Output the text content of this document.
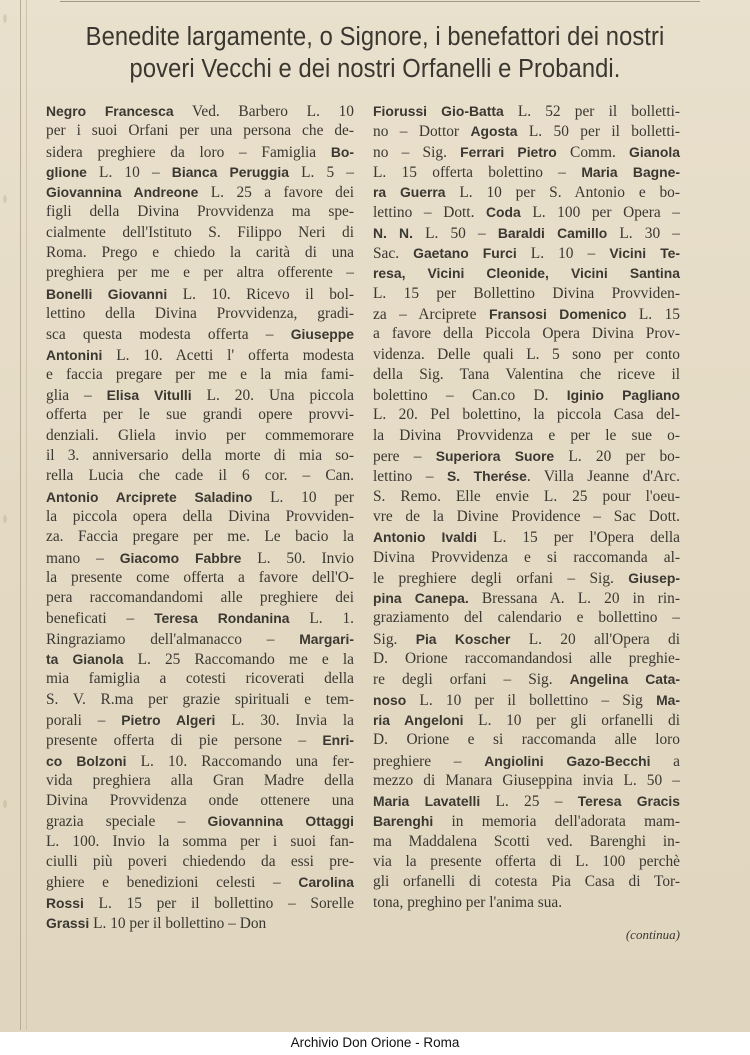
Benedite largamente, o Signore, i benefattori dei nostri
poveri Vecchi e dei nostri Orfanelli e Probandi.
Negro Francesca Ved. Barbero L. 10
per i suoi Orfani per una persona che de-
sidera preghiere da loro – Famiglia Bo-
glione L. 10 – Bianca Peruggia L. 5 –
Giovannina Andreone L. 25 a favore dei
figli della Divina Provvidenza ma spe-
cialmente dell'Istituto S. Filippo Neri di
Roma. Prego e chiedo la carità di una
preghiera per me e per altra offerente –
Bonelli Giovanni L. 10. Ricevo il bol-
lettino della Divina Provvidenza, gradi-
sca questa modesta offerta – Giuseppe
Antonini L. 10. Acetti l' offerta modesta
e faccia pregare per me e la mia fami-
glia – Elisa Vitulli L. 20. Una piccola
offerta per le sue grandi opere provvi-
denziali. Gliela invio per commemorare
il 3. anniversario della morte di mia so-
rella Lucia che cade il 6 cor. – Can.
Antonio Arciprete Saladino L. 10 per
la piccola opera della Divina Provviden-
za. Faccia pregare per me. Le bacio la
mano – Giacomo Fabbre L. 50. Invio
la presente come offerta a favore dell'O-
pera raccomandandomi alle preghiere dei
beneficati – Teresa Rondanina L. 1.
Ringraziamo dell'almanacco – Margari-
ta Gianola L. 25 Raccomando me e la
mia famiglia a cotesti ricoverati della
S. V. R.ma per grazie spirituali e tem-
porali – Pietro Algeri L. 30. Invia la
presente offerta di pie persone – Enri-
co Bolzoni L. 10. Raccomando una fer-
vida preghiera alla Gran Madre della
Divina Provvidenza onde ottenere una
grazia speciale – Giovannina Ottaggi
L. 100. Invio la somma per i suoi fan-
ciulli più poveri chiedendo da essi pre-
ghiere e benedizioni celesti – Carolina
Rossi L. 15 per il bollettino – Sorelle
Grassi L. 10 per il bollettino – Don
Fiorussi Gio-Batta L. 52 per il bolletti-
no – Dottor Agosta L. 50 per il bolletti-
no – Sig. Ferrari Pietro Comm. Gianola
L. 15 offerta bolettino – Maria Bagne-
ra Guerra L. 10 per S. Antonio e bo-
lettino – Dott. Coda L. 100 per Opera –
N. N. L. 50 – Baraldi Camillo L. 30 –
Sac. Gaetano Furci L. 10 – Vicini Te-
resa, Vicini Cleonide, Vicini Santina
L. 15 per Bollettino Divina Provviden-
za – Arciprete Fransosi Domenico L. 15
a favore della Piccola Opera Divina Prov-
videnza. Delle quali L. 5 sono per conto
della Sig. Tana Valentina che riceve il
bolettino – Can.co D. Iginio Pagliano
L. 20. Pel bolettino, la piccola Casa del-
la Divina Provvidenza e per le sue o-
pere – Superiora Suore L. 20 per bo-
lettino – S. Therése. Villa Jeanne d'Arc.
S. Remo. Elle envie L. 25 pour l'oeu-
vre de la Divine Providence – Sac Dott.
Antonio Ivaldi L. 15 per l'Opera della
Divina Provvidenza e si raccomanda al-
le preghiere degli orfani – Sig. Giusep-
pina Canepa. Bressana A. L. 20 in rin-
graziamento del calendario e bollettino –
Sig. Pia Koscher L. 20 all'Opera di
D. Orione raccomandandosi alle preghie-
re degli orfani – Sig. Angelina Cata-
noso L. 10 per il bollettino – Sig Ma-
ria Angeloni L. 10 per gli orfanelli di
D. Orione e si raccomanda alle loro
preghiere – Angiolini Gazo-Becchi a
mezzo di Manara Giuseppina invia L. 50 –
Maria Lavatelli L. 25 – Teresa Gracis
Barenghi in memoria dell'adorata mam-
ma Maddalena Scotti ved. Barenghi in-
via la presente offerta di L. 100 perchè
gli orfanelli di cotesta Pia Casa di Tor-
tona, preghino per l'anima sua.
(continua)
Archivio Don Orione - Roma
